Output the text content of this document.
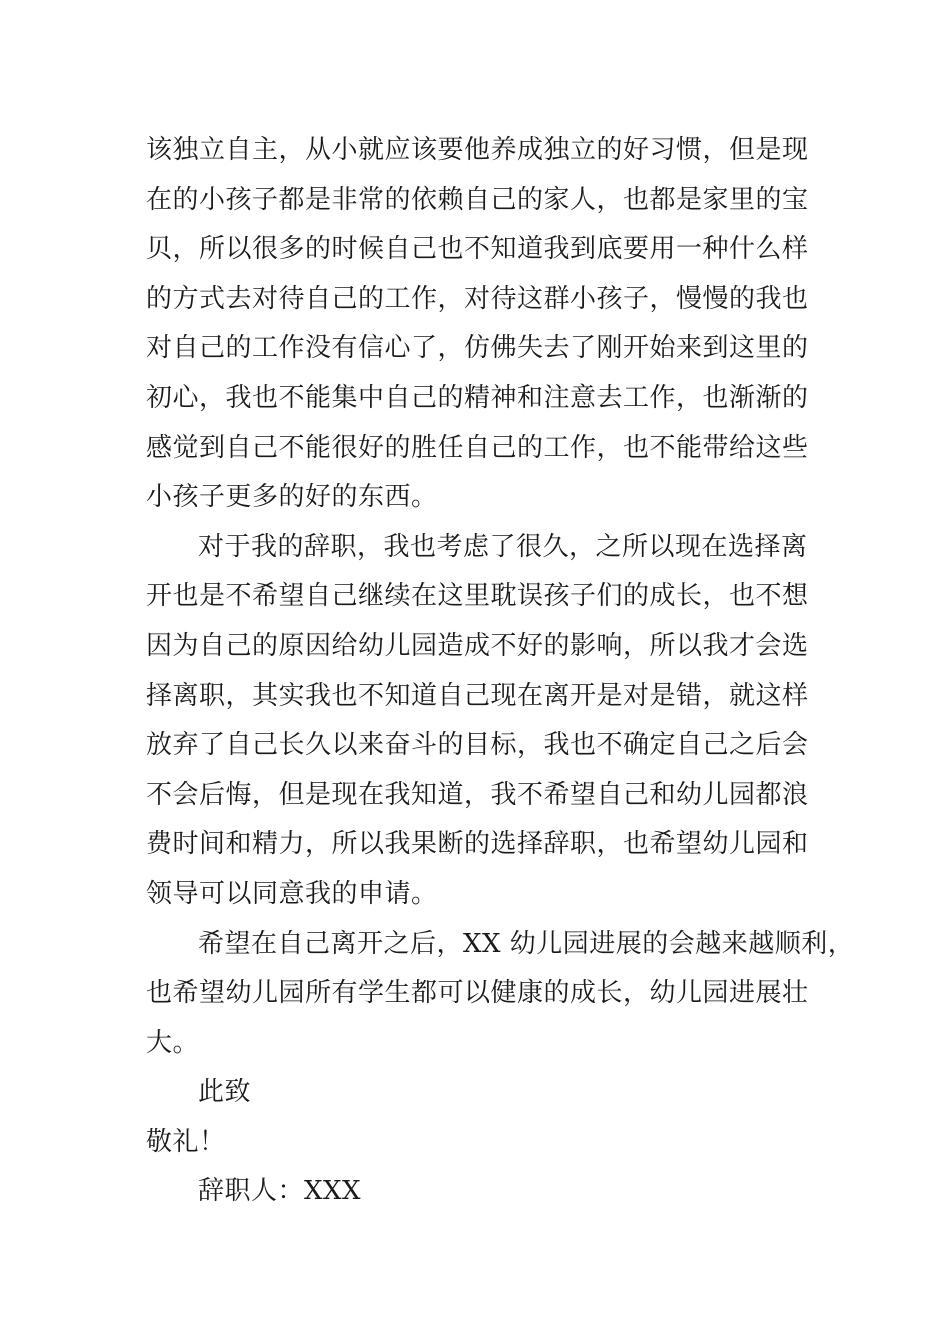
该独立自主，从小就应该要他养成独立的好习惯，但是现
在的小孩子都是非常的依赖自己的家人，也都是家里的宝
贝，所以很多的时候自己也不知道我到底要用一种什么样
的方式去对待自己的工作，对待这群小孩子，慢慢的我也
对自己的工作没有信心了，仿佛失去了刚开始来到这里的
初心，我也不能集中自己的精神和注意去工作，也渐渐的
感觉到自己不能很好的胜任自己的工作，也不能带给这些
小孩子更多的好的东西。
对于我的辞职，我也考虑了很久，之所以现在选择离
开也是不希望自己继续在这里耽误孩子们的成长，也不想
因为自己的原因给幼儿园造成不好的影响，所以我才会选
择离职，其实我也不知道自己现在离开是对是错，就这样
放弃了自己长久以来奋斗的目标，我也不确定自己之后会
不会后悔，但是现在我知道，我不希望自己和幼儿园都浪
费时间和精力，所以我果断的选择辞职，也希望幼儿园和
领导可以同意我的申请。
希望在自己离开之后，XX 幼儿园进展的会越来越顺利，
也希望幼儿园所有学生都可以健康的成长，幼儿园进展壮
大。
此致
敬礼！
辞职人：XXX
